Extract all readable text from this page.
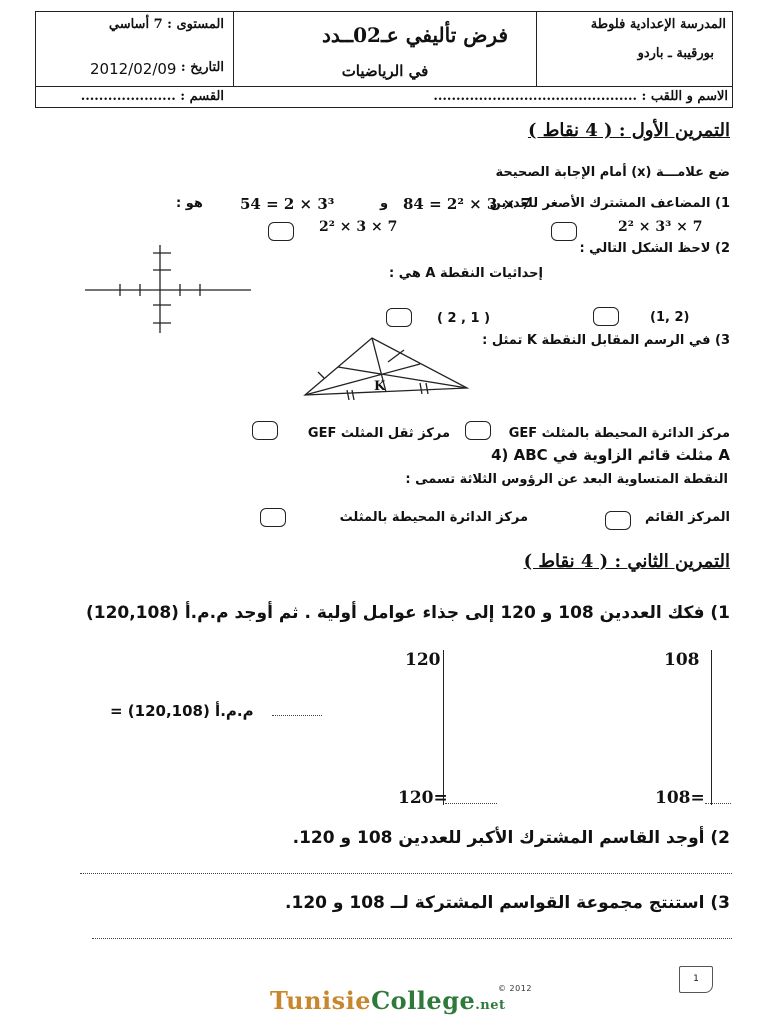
المدرسة الإعدادية فلوطة
بورقيبة ـ باردو
فرض تأليفي عـ02ــدد
في الرياضيات
المستوى : 7 أساسي
التاريخ :
2012/02/09
الاسم و اللقب : .............................................
القسم : .....................
التمرين الأول : ( 4 نقاط )
ضع علامـــة (x) أمام الإجابة الصحيحة
1) المضاعف المشترك الأصغر للعددين
84 = 2² × 3 × 7
و
54 = 2 × 3³
هو :
2² × 3³ × 7
2² × 3 × 7
2) لاحظ الشكل التالي :
إحداثيات النقطة A هي :
(1, 2)
( 2 , 1 )
3) في الرسم المقابل النقطة K تمثل :
K
مركز الدائرة المحيطة بالمثلث GEF
مركز ثقل المثلث GEF
4) ABC مثلث قائم الزاوية في A
النقطة المتساوية البعد عن الرؤوس الثلاثة تسمى :
المركز القائم
مركز الدائرة المحيطة بالمثلث
التمرين الثاني : ( 4 نقاط )
1) فكك العددين 108 و 120 إلى جذاء عوامل أولية . ثم أوجد م.م.أ (120,108)
108
120
م.م.أ (120,108) =
108=
120=
2) أوجد القاسم المشترك الأكبر للعددين 108 و 120.
3) استنتج مجموعة القواسم المشتركة لــ 108 و 120.
1
TunisieCollege.net
© 2012
